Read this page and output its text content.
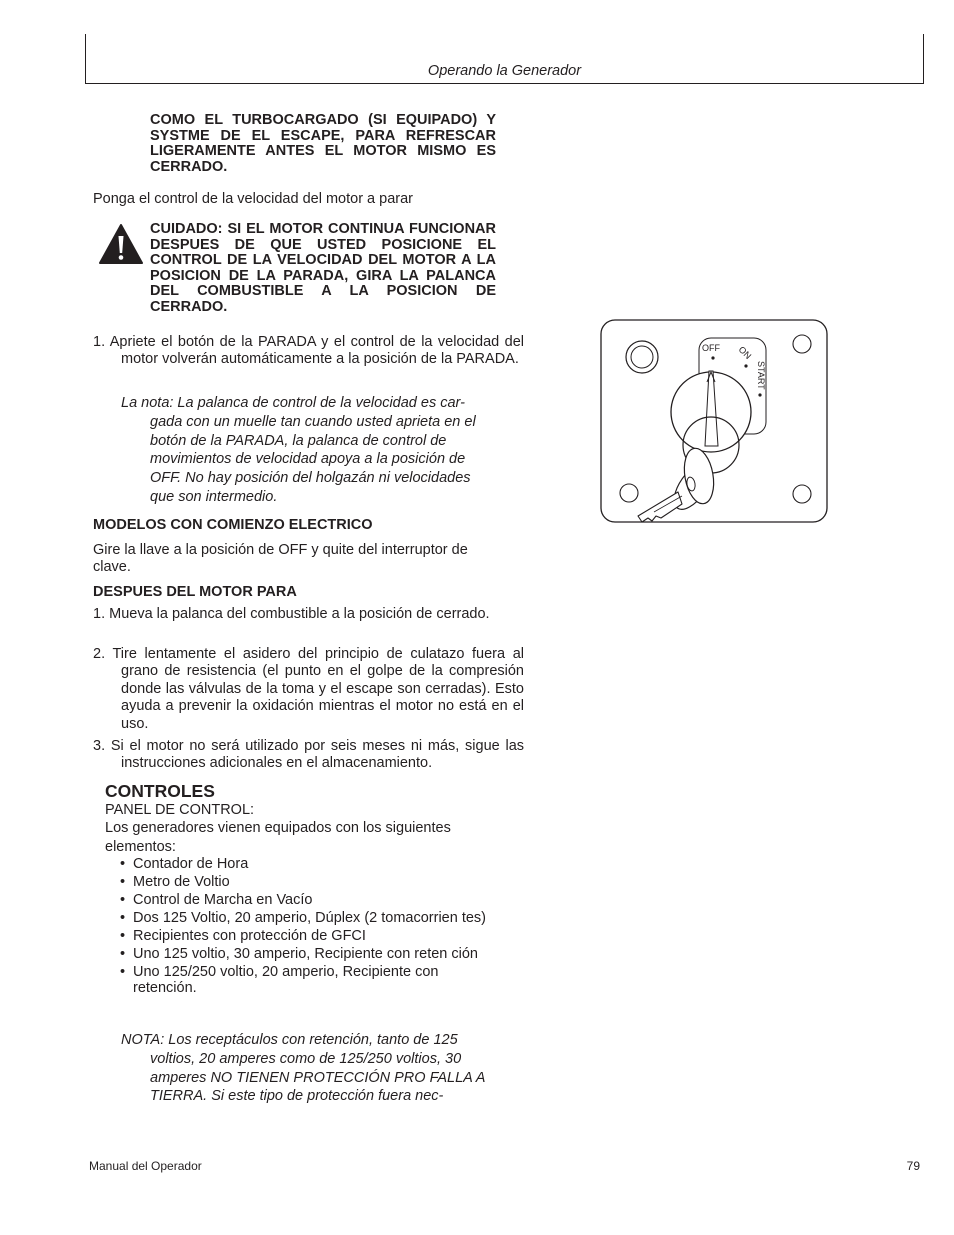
Operando la Generador
COMO EL TURBOCARGADO (SI EQUIPADO) Y SYSTME DE EL ESCAPE, PARA REFRESCAR LIGERAMENTE ANTES EL MOTOR MISMO ES CERRADO.
Ponga el control de la velocidad del motor a parar
CUIDADO: SI EL MOTOR CONTINUA FUNCIONAR DESPUES DE QUE USTED POSICIONE EL CONTROL DE LA VELOCIDAD DEL MOTOR A LA POSICION DE LA PARADA, GIRA LA PALANCA DEL COMBUSTIBLE A LA POSICION DE CERRADO.
1. Apriete el botón de la PARADA y el control de la velocidad del motor volverán automáticamente a la posición de la PARADA.
La nota: La palanca de control de la velocidad es car-gada con un muelle tan cuando usted aprieta en el botón de la PARADA, la palanca de control de movimientos de velocidad apoya a la posición de OFF. No hay posición del holgazán ni velocidades que son intermedio.
MODELOS CON COMIENZO ELECTRICO
Gire la llave a la posición de OFF y quite del interruptor de clave.
DESPUES DEL MOTOR PARA
1. Mueva la palanca del combustible a la posición de cerrado.
2. Tire lentamente el asidero del principio de culatazo fuera al grano de resistencia (el punto en el golpe de la compresión donde las válvulas de la toma y el escape son cerradas). Esto ayuda a prevenir la oxidación mientras el motor no está en el uso.
3. Si el motor no será utilizado por seis meses ni más, sigue las instrucciones adicionales en el almacenamiento.
CONTROLES
PANEL DE CONTROL:
Los generadores vienen equipados con los siguientes elementos:
• Contador de Hora
• Metro de Voltio
• Control de Marcha en Vacío
• Dos 125 Voltio, 20 amperio, Dúplex (2 tomacorrien tes)
• Recipientes con protección de GFCI
• Uno 125 voltio, 30 amperio, Recipiente con reten ción
• Uno 125/250 voltio, 20 amperio, Recipiente con retención.
NOTA: Los receptáculos con retención, tanto de 125 voltios, 20 amperes como de 125/250 voltios, 30 amperes NO TIENEN PROTECCIÓN PRO FALLA A TIERRA. Si este tipo de protección fuera nec-
OFF ON
START
Manual del Operador	79
